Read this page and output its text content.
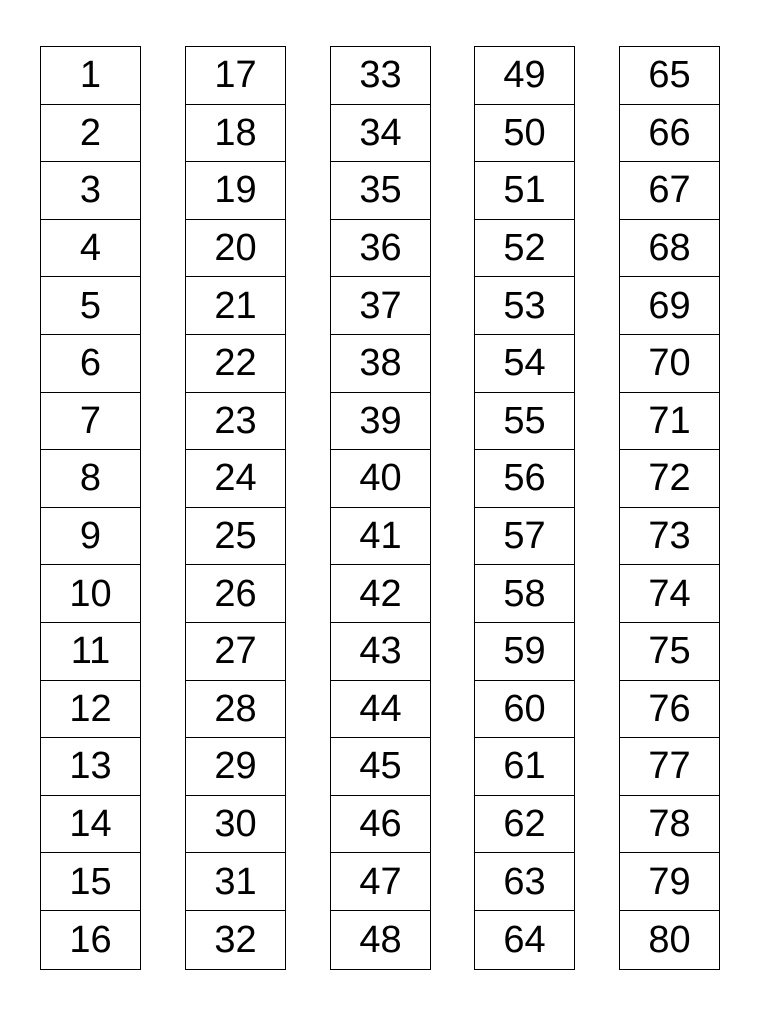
1
2
3
4
5
6
7
8
9
10
11
12
13
14
15
16
17
18
19
20
21
22
23
24
25
26
27
28
29
30
31
32
33
34
35
36
37
38
39
40
41
42
43
44
45
46
47
48
49
50
51
52
53
54
55
56
57
58
59
60
61
62
63
64
65
66
67
68
69
70
71
72
73
74
75
76
77
78
79
80
